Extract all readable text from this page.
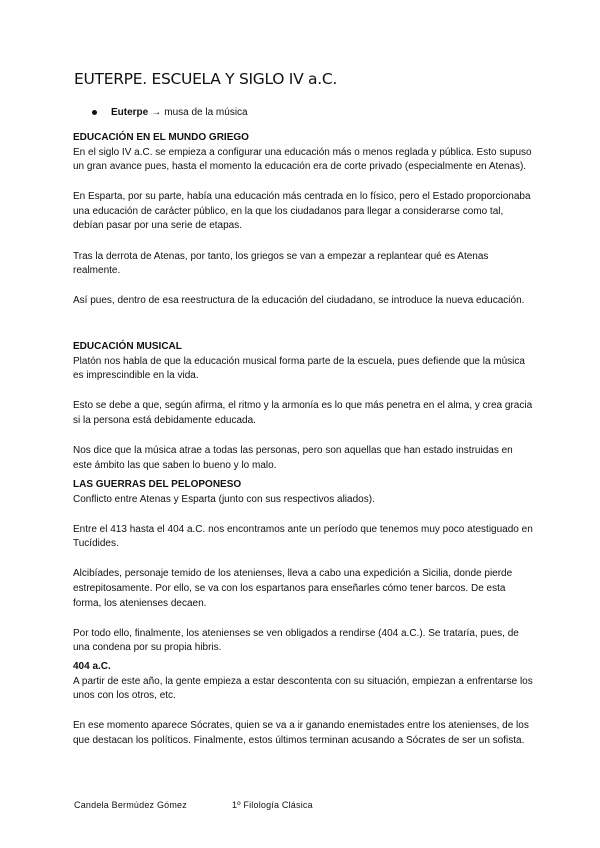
EUTERPE. ESCUELA Y SIGLO IV a.C.
Euterpe → musa de la música
EDUCACIÓN EN EL MUNDO GRIEGO

En el siglo IV a.C. se empieza a configurar una educación más o menos reglada y pública. Esto supuso un gran avance pues, hasta el momento la educación era de corte privado (especialmente en Atenas).

En Esparta, por su parte, había una educación más centrada en lo físico, pero el Estado proporcionaba una educación de carácter público, en la que los ciudadanos para llegar a considerarse como tal, debían pasar por una serie de etapas.

Tras la derrota de Atenas, por tanto, los griegos se van a empezar a replantear qué es Atenas realmente.

Así pues, dentro de esa reestructura de la educación del ciudadano, se introduce la nueva educación.

EDUCACIÓN MUSICAL

Platón nos habla de que la educación musical forma parte de la escuela, pues defiende que la música es imprescindible en la vida.

Esto se debe a que, según afirma, el ritmo y la armonía es lo que más penetra en el alma, y crea gracia si la persona está debidamente educada.

Nos dice que la música atrae a todas las personas, pero son aquellas que han estado instruidas en este ámbito las que saben lo bueno y lo malo.

LAS GUERRAS DEL PELOPONESO

Conflicto entre Atenas y Esparta (junto con sus respectivos aliados).

Entre el 413 hasta el 404 a.C. nos encontramos ante un período que tenemos muy poco atestiguado en Tucídides.

Alcibíades, personaje temido de los atenienses, lleva a cabo una expedición a Sicilia, donde pierde estrepitosamente. Por ello, se va con los espartanos para enseñarles cómo tener barcos. De esta forma, los atenienses decaen.

Por todo ello, finalmente, los atenienses se ven obligados a rendirse (404 a.C.). Se trataría, pues, de una condena por su propia hibris.

404 a.C.

A partir de este año, la gente empieza a estar descontenta con su situación, empiezan a enfrentarse los unos con los otros, etc.

En ese momento aparece Sócrates, quien se va a ir ganando enemistades entre los atenienses, de los que destacan los políticos. Finalmente, estos últimos terminan acusando a Sócrates de ser un sofista.

Candela Bermúdez Gómez	1º Filología Clásica
